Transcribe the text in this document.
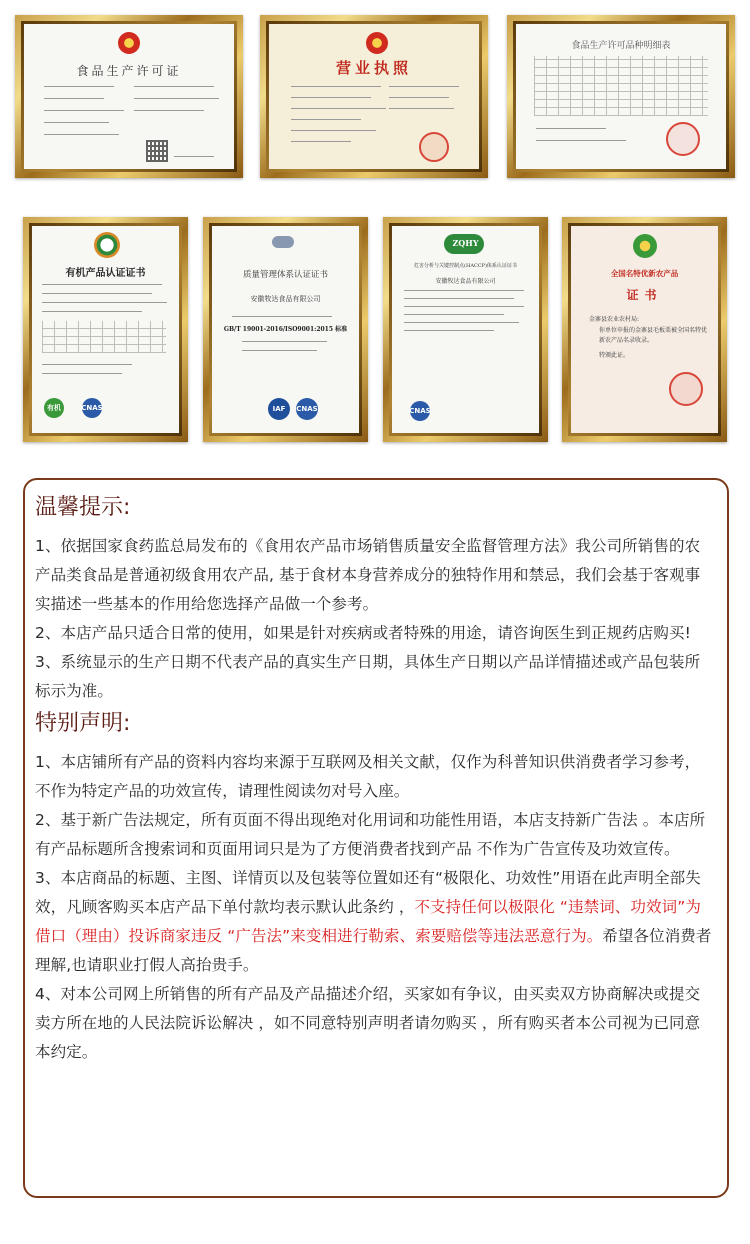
食品生产许可证	营业执照
食品生产许可品种明细表
有机产品认证证书
CNAS
有机
质量管理体系认证证书
安徽牧达食品有限公司
GB/T 19001-2016/ISO9001:2015 标准
IAF	CNAS
ZQHY
危害分析与关键控制点(HACCP)体系认证证书
安徽牧达食品有限公司
CNAS
全国名特优新农产品
证书
金寨县农业农村局:
你单位申报的金寨县毛板栗被全国名特优新农产品名录收录。
特颁此证。
温馨提示:

1、依据国家食药监总局发布的《食用农产品市场销售质量安全监督管理方法》我公司所销售的农产品类食品是普通初级食用农产品, 基于食材本身营养成分的独特作用和禁忌，我们会基于客观事实描述一些基本的作用给您选择产品做一个参考。

2、本店产品只适合日常的使用，如果是针对疾病或者特殊的用途，请咨询医生到正规药店购买!

3、系统显示的生产日期不代表产品的真实生产日期，具体生产日期以产品详情描述或产品包装所标示为准。

特别声明:

1、本店铺所有产品的资料内容均来源于互联网及相关文献，仅作为科普知识供消费者学习参考，不作为特定产品的功效宣传，请理性阅读勿对号入座。

2、基于新广告法规定，所有页面不得出现绝对化用词和功能性用语，本店支持新广告法 。本店所有产品标题所含搜索词和页面用词只是为了方便消费者找到产品 不作为广告宣传及功效宣传。

3、本店商品的标题、主图、详情页以及包装等位置如还有“极限化、功效性”用语在此声明全部失效，凡顾客购买本店产品下单付款均表示默认此条约 ，不支持任何以极限化 “违禁词、功效词”为借口（理由）投诉商家违反 “广告法”来变相进行勒索、索要赔偿等违法恶意行为。希望各位消费者理解,也请职业打假人高抬贵手。

4、对本公司网上所销售的所有产品及产品描述介绍，买家如有争议，由买卖双方协商解决或提交卖方所在地的人民法院诉讼解决 ，如不同意特别声明者请勿购买 ，所有购买者本公司视为已同意本约定。
